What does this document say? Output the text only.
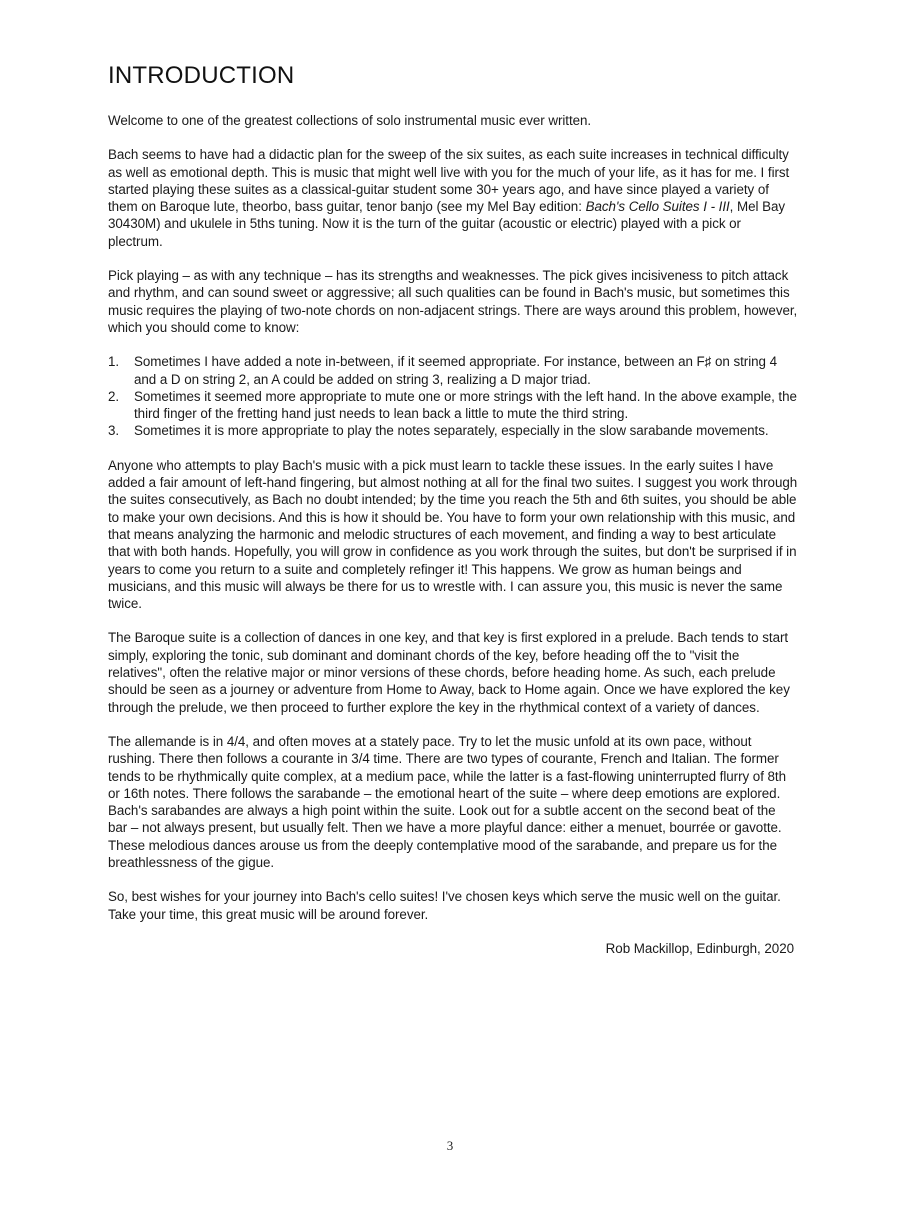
INTRODUCTION

Welcome to one of the greatest collections of solo instrumental music ever written.

Bach seems to have had a didactic plan for the sweep of the six suites, as each suite increases in technical difficulty as well as emotional depth. This is music that might well live with you for the much of your life, as it has for me. I first started playing these suites as a classical-guitar student some 30+ years ago, and have since played a variety of them on Baroque lute, theorbo, bass guitar, tenor banjo (see my Mel Bay edition: Bach's Cello Suites I - III, Mel Bay 30430M) and ukulele in 5ths tuning. Now it is the turn of the guitar (acoustic or electric) played with a pick or plectrum.

Pick playing – as with any technique – has its strengths and weaknesses. The pick gives incisiveness to pitch attack and rhythm, and can sound sweet or aggressive; all such qualities can be found in Bach's music, but sometimes this music requires the playing of two-note chords on non-adjacent strings. There are ways around this problem, however, which you should come to know:

1. Sometimes I have added a note in-between, if it seemed appropriate. For instance, between an F♯ on string 4 and a D on string 2, an A could be added on string 3, realizing a D major triad.
2. Sometimes it seemed more appropriate to mute one or more strings with the left hand. In the above example, the third finger of the fretting hand just needs to lean back a little to mute the third string.
3. Sometimes it is more appropriate to play the notes separately, especially in the slow sarabande movements.

Anyone who attempts to play Bach's music with a pick must learn to tackle these issues. In the early suites I have added a fair amount of left-hand fingering, but almost nothing at all for the final two suites. I suggest you work through the suites consecutively, as Bach no doubt intended; by the time you reach the 5th and 6th suites, you should be able to make your own decisions. And this is how it should be. You have to form your own relationship with this music, and that means analyzing the harmonic and melodic structures of each movement, and finding a way to best articulate that with both hands. Hopefully, you will grow in confidence as you work through the suites, but don't be surprised if in years to come you return to a suite and completely refinger it! This happens. We grow as human beings and musicians, and this music will always be there for us to wrestle with. I can assure you, this music is never the same twice.

The Baroque suite is a collection of dances in one key, and that key is first explored in a prelude. Bach tends to start simply, exploring the tonic, sub dominant and dominant chords of the key, before heading off the to "visit the relatives", often the relative major or minor versions of these chords, before heading home. As such, each prelude should be seen as a journey or adventure from Home to Away, back to Home again. Once we have explored the key through the prelude, we then proceed to further explore the key in the rhythmical context of a variety of dances.

The allemande is in 4/4, and often moves at a stately pace. Try to let the music unfold at its own pace, without rushing. There then follows a courante in 3/4 time. There are two types of courante, French and Italian. The former tends to be rhythmically quite complex, at a medium pace, while the latter is a fast-flowing uninterrupted flurry of 8th or 16th notes. There follows the sarabande – the emotional heart of the suite – where deep emotions are explored. Bach's sarabandes are always a high point within the suite. Look out for a subtle accent on the second beat of the bar – not always present, but usually felt. Then we have a more playful dance: either a menuet, bourrée or gavotte. These melodious dances arouse us from the deeply contemplative mood of the sarabande, and prepare us for the breathlessness of the gigue.

So, best wishes for your journey into Bach's cello suites! I've chosen keys which serve the music well on the guitar. Take your time, this great music will be around forever.

Rob Mackillop, Edinburgh, 2020

3
